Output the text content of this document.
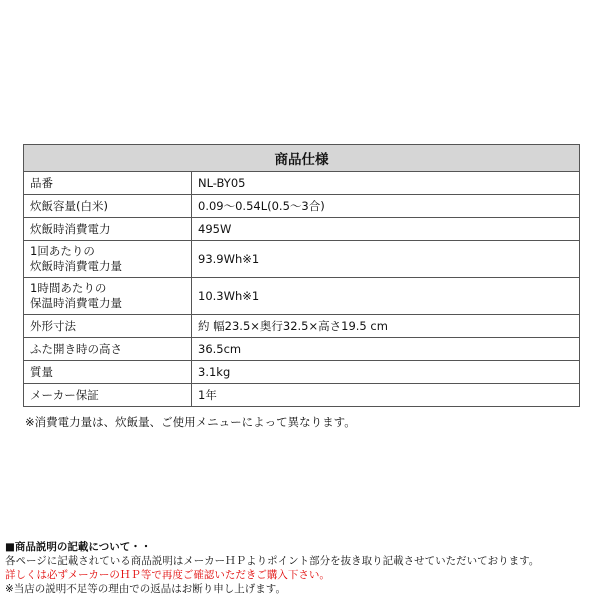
商品仕様	

品番	NL-BY05

炊飯容量(白米)	0.09～0.54L(0.5～3合)

炊飯時消費電力	495W

1回あたりの
炊飯時消費電力量	93.9Wh※1

1時間あたりの
保温時消費電力量	10.3Wh※1

外形寸法	約 幅23.5×奥行32.5×高さ19.5 cm

ふた開き時の高さ	36.5cm

質量	3.1kg

メーカー保証	1年
※消費電力量は、炊飯量、ご使用メニューによって異なります。
■商品説明の記載について・・
各ページに記載されている商品説明はメーカーＨＰよりポイント部分を抜き取り記載させていただいております。
詳しくは必ずメーカーのＨＰ等で再度ご確認いただきご購入下さい。
※当店の説明不足等の理由での返品はお断り申し上げます。
